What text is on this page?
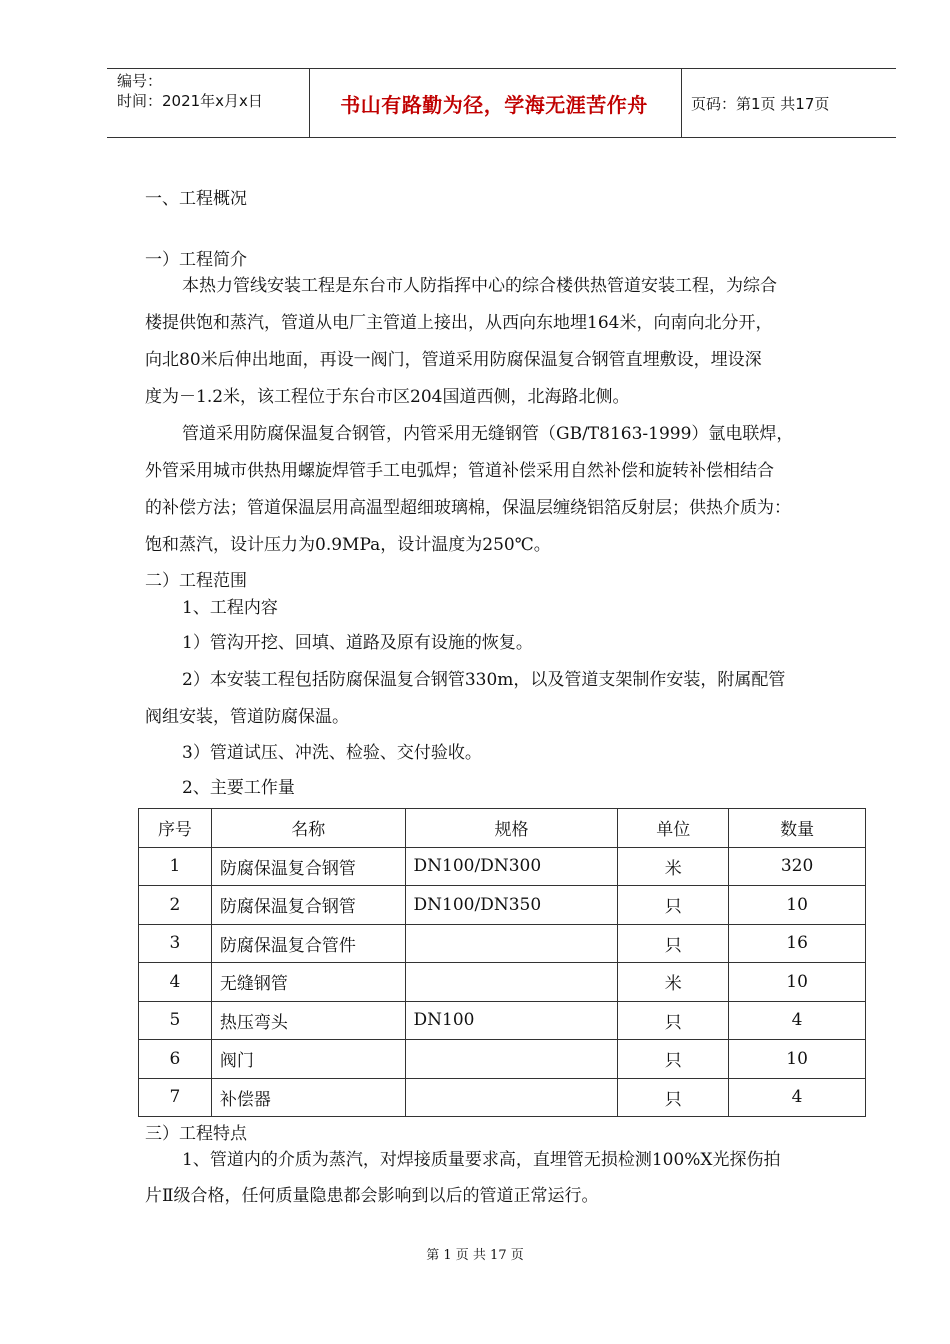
编号：
时间：2021年x月x日	书山有路勤为径，学海无涯苦作舟	页码：第1页 共17页
一、工程概况
一）工程简介
本热力管线安装工程是东台市人防指挥中心的综合楼供热管道安装工程，为综合
楼提供饱和蒸汽，管道从电厂主管道上接出，从西向东地埋164米，向南向北分开，
向北80米后伸出地面，再设一阀门，管道采用防腐保温复合钢管直埋敷设，埋设深
度为－1.2米，该工程位于东台市区204国道西侧，北海路北侧。
管道采用防腐保温复合钢管，内管采用无缝钢管（GB/T8163-1999）氩电联焊，
外管采用城市供热用螺旋焊管手工电弧焊；管道补偿采用自然补偿和旋转补偿相结合
的补偿方法；管道保温层用高温型超细玻璃棉，保温层缠绕铝箔反射层；供热介质为：
饱和蒸汽，设计压力为0.9MPa，设计温度为250℃。
二）工程范围
1、工程内容
1）管沟开挖、回填、道路及原有设施的恢复。
2）本安装工程包括防腐保温复合钢管330m，以及管道支架制作安装，附属配管
阀组安装，管道防腐保温。
3）管道试压、冲洗、检验、交付验收。
2、主要工作量
序号	名称	规格	单位	数量
1	防腐保温复合钢管	DN100/DN300	米	320
2	防腐保温复合钢管	DN100/DN350	只	10
3	防腐保温复合管件		只	16
4	无缝钢管		米	10
5	热压弯头	DN100	只	4
6	阀门		只	10
7	补偿器		只	4
三）工程特点
1、管道内的介质为蒸汽，对焊接质量要求高，直埋管无损检测100%X光探伤拍
片Ⅱ级合格，任何质量隐患都会影响到以后的管道正常运行。
第 1 页 共 17 页
